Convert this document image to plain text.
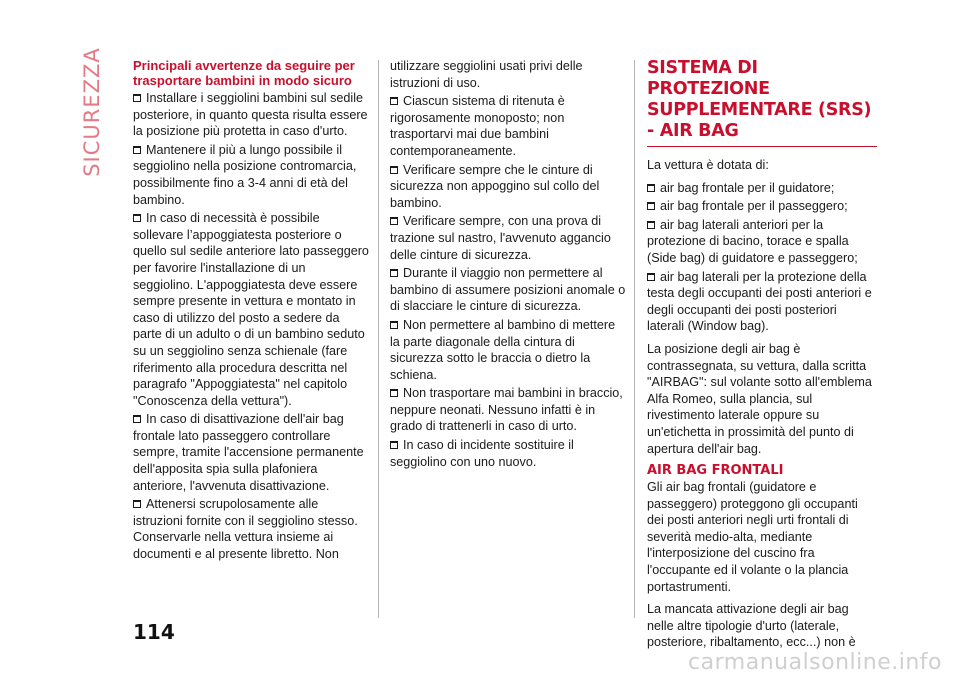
SICUREZZA Principali avvertenze da seguire per trasportare bambini in modo sicuro

Installare i seggiolini bambini sul sedile posteriore, in quanto questa risulta essere la posizione più protetta in caso d'urto.

Mantenere il più a lungo possibile il seggiolino nella posizione contromarcia, possibilmente fino a 3-4 anni di età del bambino.

In caso di necessità è possibile sollevare l’appoggiatesta posteriore o quello sul sedile anteriore lato passeggero per favorire l'installazione di un seggiolino. L'appoggiatesta deve essere sempre presente in vettura e montato in caso di utilizzo del posto a sedere da parte di un adulto o di un bambino seduto su un seggiolino senza schienale (fare riferimento alla procedura descritta nel paragrafo "Appoggiatesta" nel capitolo "Conoscenza della vettura").

In caso di disattivazione dell'air bag frontale lato passeggero controllare sempre, tramite l'accensione permanente dell'apposita spia sulla plafoniera anteriore, l'avvenuta disattivazione.

Attenersi scrupolosamente alle istruzioni fornite con il seggiolino stesso. Conservarle nella vettura insieme ai documenti e al presente libretto. Non

utilizzare seggiolini usati privi delle istruzioni di uso.

Ciascun sistema di ritenuta è rigorosamente monoposto; non trasportarvi mai due bambini contemporaneamente.

Verificare sempre che le cinture di sicurezza non appoggino sul collo del bambino.

Verificare sempre, con una prova di trazione sul nastro, l'avvenuto aggancio delle cinture di sicurezza.

Durante il viaggio non permettere al bambino di assumere posizioni anomale o di slacciare le cinture di sicurezza.

Non permettere al bambino di mettere la parte diagonale della cintura di sicurezza sotto le braccia o dietro la schiena.

Non trasportare mai bambini in braccio, neppure neonati. Nessuno infatti è in grado di trattenerli in caso di urto.

In caso di incidente sostituire il seggiolino con uno nuovo.

SISTEMA DI PROTEZIONE SUPPLEMENTARE (SRS) - AIR BAG

La vettura è dotata di:

air bag frontale per il guidatore;

air bag frontale per il passeggero;

air bag laterali anteriori per la protezione di bacino, torace e spalla (Side bag) di guidatore e passeggero;

air bag laterali per la protezione della testa degli occupanti dei posti anteriori e degli occupanti dei posti posteriori laterali (Window bag).

La posizione degli air bag è contrassegnata, su vettura, dalla scritta "AIRBAG": sul volante sotto all'emblema Alfa Romeo, sulla plancia, sul rivestimento laterale oppure su un'etichetta in prossimità del punto di apertura dell'air bag.

AIR BAG FRONTALI

Gli air bag frontali (guidatore e passeggero) proteggono gli occupanti dei posti anteriori negli urti frontali di severità medio-alta, mediante l'interposizione del cuscino fra l'occupante ed il volante o la plancia portastrumenti.

La mancata attivazione degli air bag nelle altre tipologie d'urto (laterale, posteriore, ribaltamento, ecc...) non è

114
carmanualsonline.info
